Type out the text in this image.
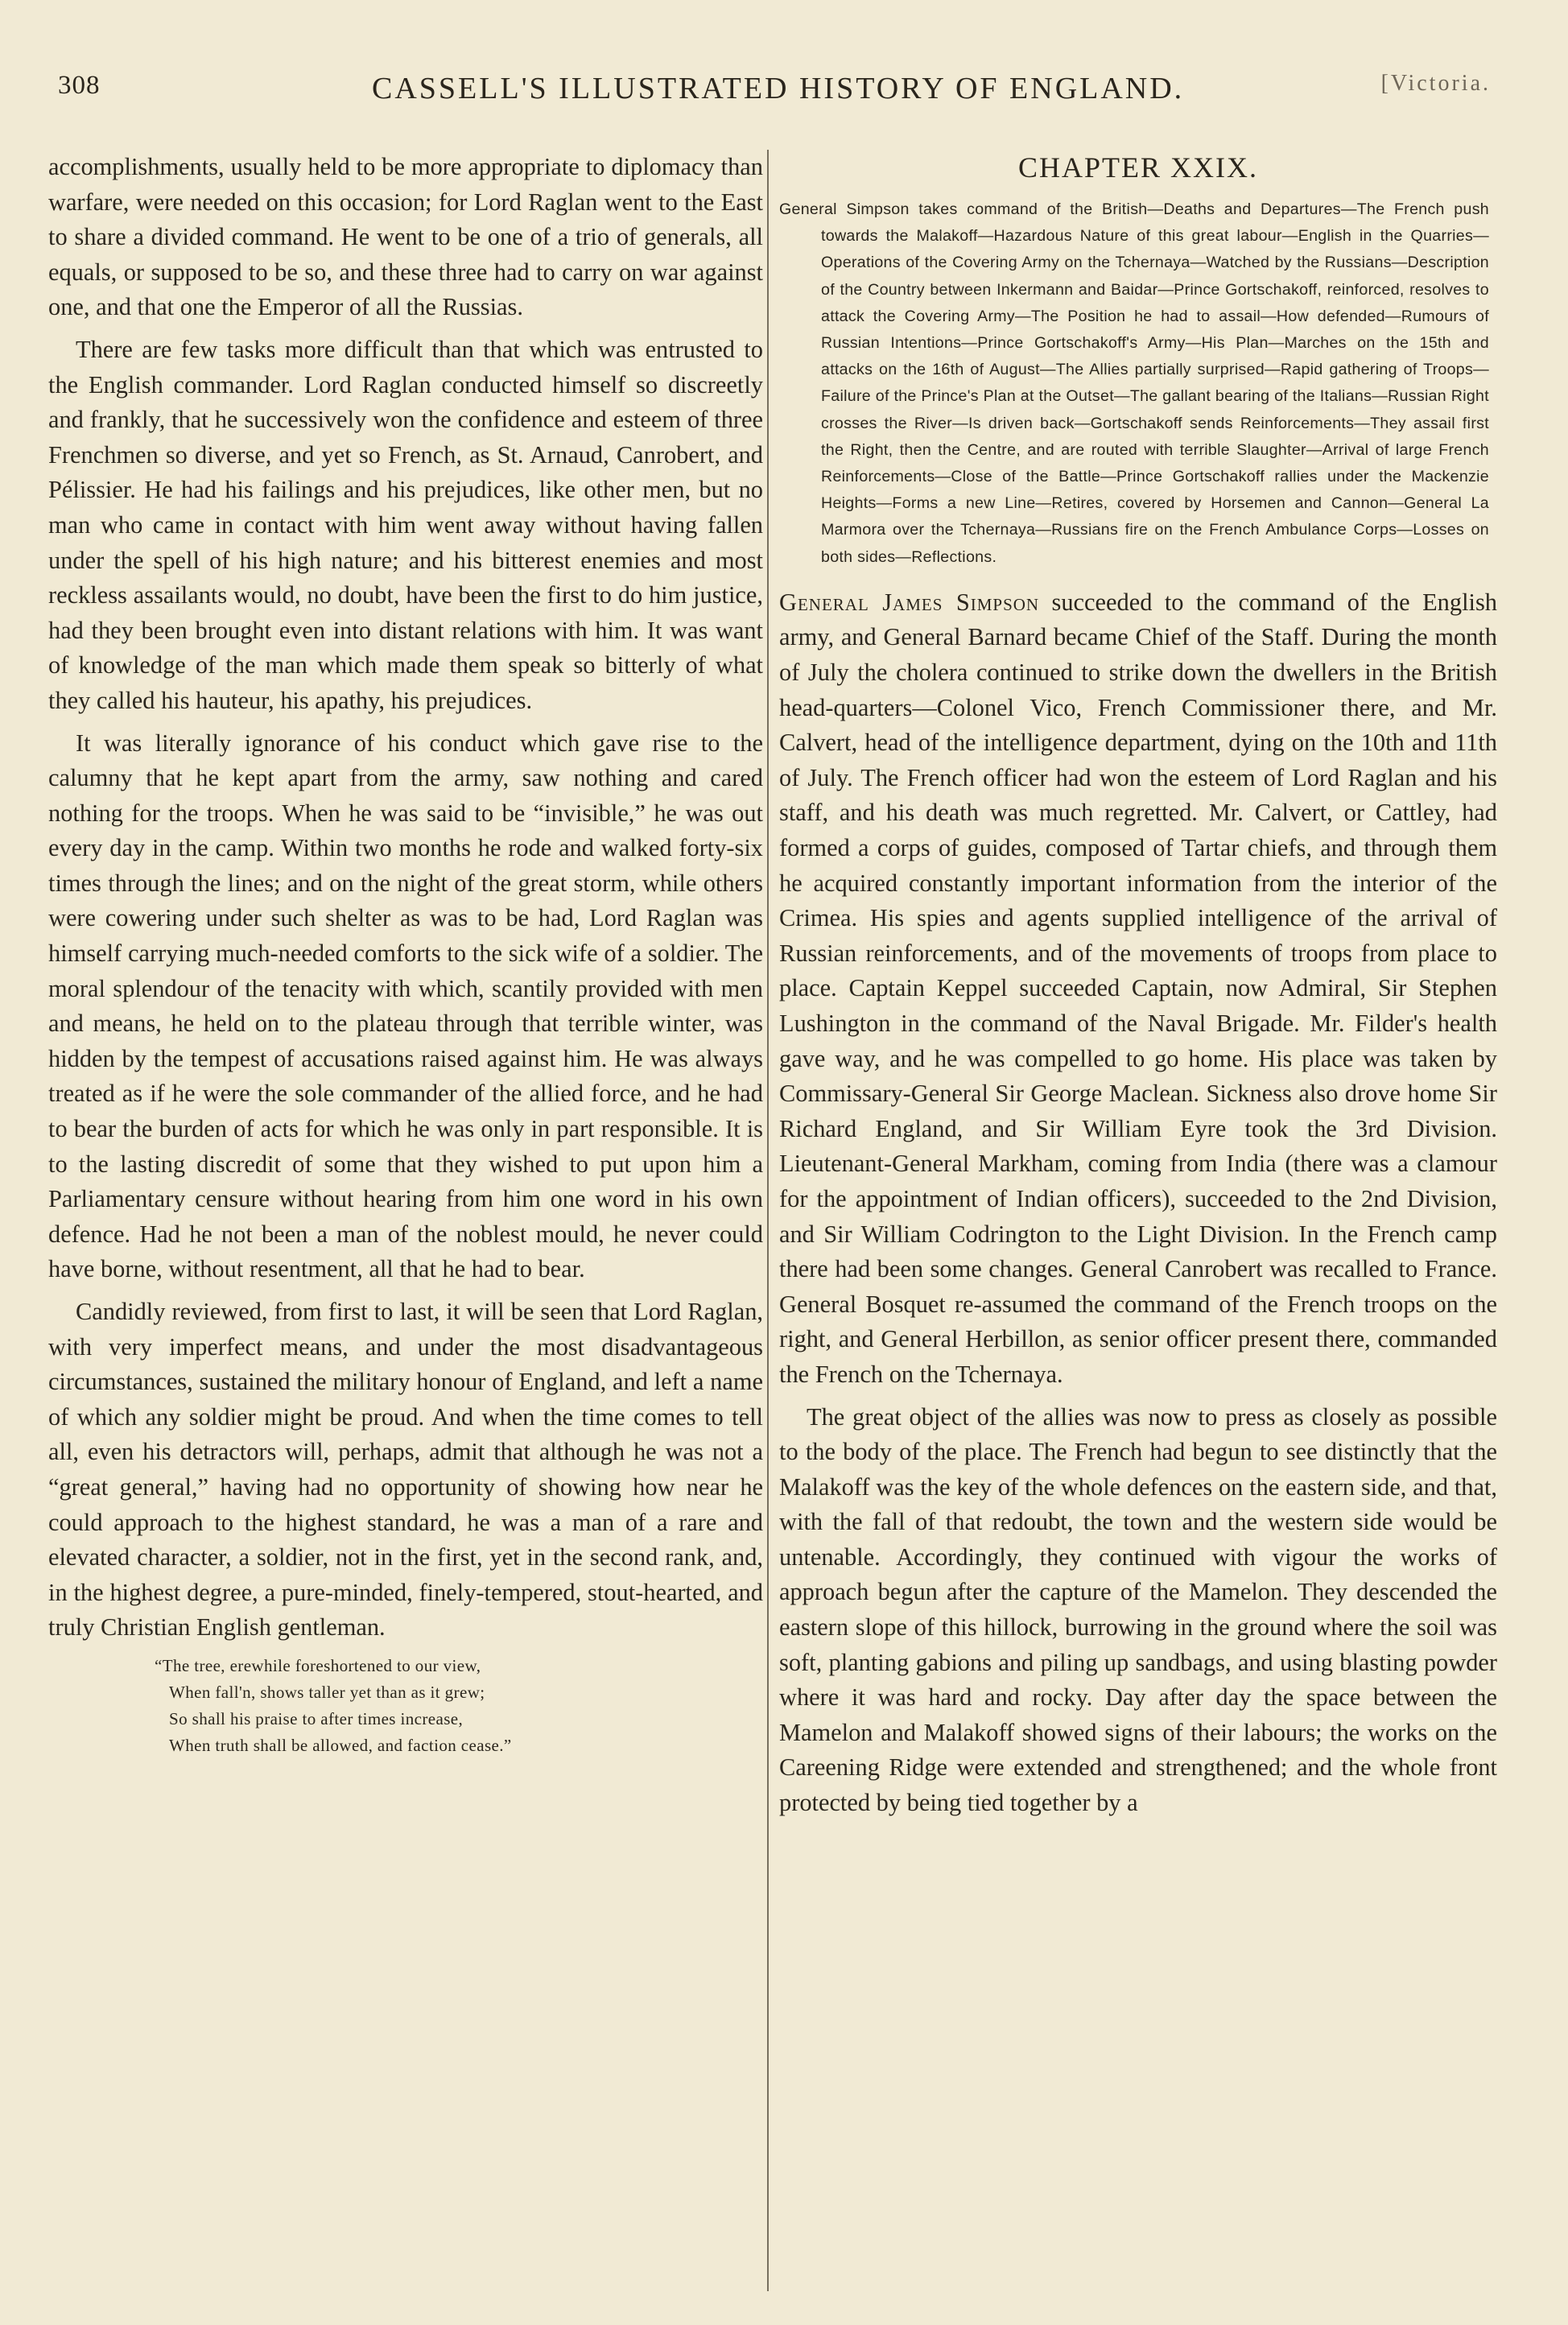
308	CASSELL'S ILLUSTRATED HISTORY OF ENGLAND.	[Victoria.

accomplishments, usually held to be more appropriate to diplomacy than warfare, were needed on this occasion; for Lord Raglan went to the East to share a divided command. He went to be one of a trio of generals, all equals, or supposed to be so, and these three had to carry on war against one, and that one the Emperor of all the Russias.

There are few tasks more difficult than that which was entrusted to the English commander. Lord Raglan conducted himself so discreetly and frankly, that he successively won the confidence and esteem of three Frenchmen so diverse, and yet so French, as St. Arnaud, Canrobert, and Pélissier. He had his failings and his prejudices, like other men, but no man who came in contact with him went away without having fallen under the spell of his high nature; and his bitterest enemies and most reckless assailants would, no doubt, have been the first to do him justice, had they been brought even into distant relations with him. It was want of knowledge of the man which made them speak so bitterly of what they called his hauteur, his apathy, his prejudices.

It was literally ignorance of his conduct which gave rise to the calumny that he kept apart from the army, saw nothing and cared nothing for the troops. When he was said to be “invisible,” he was out every day in the camp. Within two months he rode and walked forty-six times through the lines; and on the night of the great storm, while others were cowering under such shelter as was to be had, Lord Raglan was himself carrying much-needed comforts to the sick wife of a soldier. The moral splendour of the tenacity with which, scantily provided with men and means, he held on to the plateau through that terrible winter, was hidden by the tempest of accusations raised against him. He was always treated as if he were the sole commander of the allied force, and he had to bear the burden of acts for which he was only in part responsible. It is to the lasting discredit of some that they wished to put upon him a Parliamentary censure without hearing from him one word in his own defence. Had he not been a man of the noblest mould, he never could have borne, without resentment, all that he had to bear.

Candidly reviewed, from first to last, it will be seen that Lord Raglan, with very imperfect means, and under the most disadvantageous circumstances, sustained the military honour of England, and left a name of which any soldier might be proud. And when the time comes to tell all, even his detractors will, perhaps, admit that although he was not a “great general,” having had no opportunity of showing how near he could approach to the highest standard, he was a man of a rare and elevated character, a soldier, not in the first, yet in the second rank, and, in the highest degree, a pure-minded, finely-tempered, stout-hearted, and truly Christian English gentleman.

“The tree, erewhile foreshortened to our view,
When fall'n, shows taller yet than as it grew;
So shall his praise to after times increase,
When truth shall be allowed, and faction cease.”
CHAPTER XXIX.

General Simpson takes command of the British—Deaths and Departures—The French push towards the Malakoff—Hazardous Nature of this great labour—English in the Quarries—Operations of the Covering Army on the Tchernaya—Watched by the Russians—Description of the Country between Inkermann and Baidar—Prince Gortschakoff, reinforced, resolves to attack the Covering Army—The Position he had to assail—How defended—Rumours of Russian Intentions—Prince Gortschakoff's Army—His Plan—Marches on the 15th and attacks on the 16th of August—The Allies partially surprised—Rapid gathering of Troops—Failure of the Prince's Plan at the Outset—The gallant bearing of the Italians—Russian Right crosses the River—Is driven back—Gortschakoff sends Reinforcements—They assail first the Right, then the Centre, and are routed with terrible Slaughter—Arrival of large French Reinforcements—Close of the Battle—Prince Gortschakoff rallies under the Mackenzie Heights—Forms a new Line—Retires, covered by Horsemen and Cannon—General La Marmora over the Tchernaya—Russians fire on the French Ambulance Corps—Losses on both sides—Reflections.

General James Simpson succeeded to the command of the English army, and General Barnard became Chief of the Staff. During the month of July the cholera continued to strike down the dwellers in the British head-quarters—Colonel Vico, French Commissioner there, and Mr. Calvert, head of the intelligence department, dying on the 10th and 11th of July. The French officer had won the esteem of Lord Raglan and his staff, and his death was much regretted. Mr. Calvert, or Cattley, had formed a corps of guides, composed of Tartar chiefs, and through them he acquired constantly important information from the interior of the Crimea. His spies and agents supplied intelligence of the arrival of Russian reinforcements, and of the movements of troops from place to place. Captain Keppel succeeded Captain, now Admiral, Sir Stephen Lushington in the command of the Naval Brigade. Mr. Filder's health gave way, and he was compelled to go home. His place was taken by Commissary-General Sir George Maclean. Sickness also drove home Sir Richard England, and Sir William Eyre took the 3rd Division. Lieutenant-General Markham, coming from India (there was a clamour for the appointment of Indian officers), succeeded to the 2nd Division, and Sir William Codrington to the Light Division. In the French camp there had been some changes. General Canrobert was recalled to France. General Bosquet re-assumed the command of the French troops on the right, and General Herbillon, as senior officer present there, commanded the French on the Tchernaya.

The great object of the allies was now to press as closely as possible to the body of the place. The French had begun to see distinctly that the Malakoff was the key of the whole defences on the eastern side, and that, with the fall of that redoubt, the town and the western side would be untenable. Accordingly, they continued with vigour the works of approach begun after the capture of the Mamelon. They descended the eastern slope of this hillock, burrowing in the ground where the soil was soft, planting gabions and piling up sandbags, and using blasting powder where it was hard and rocky. Day after day the space between the Mamelon and Malakoff showed signs of their labours; the works on the Careening Ridge were extended and strengthened; and the whole front protected by being tied together by a
